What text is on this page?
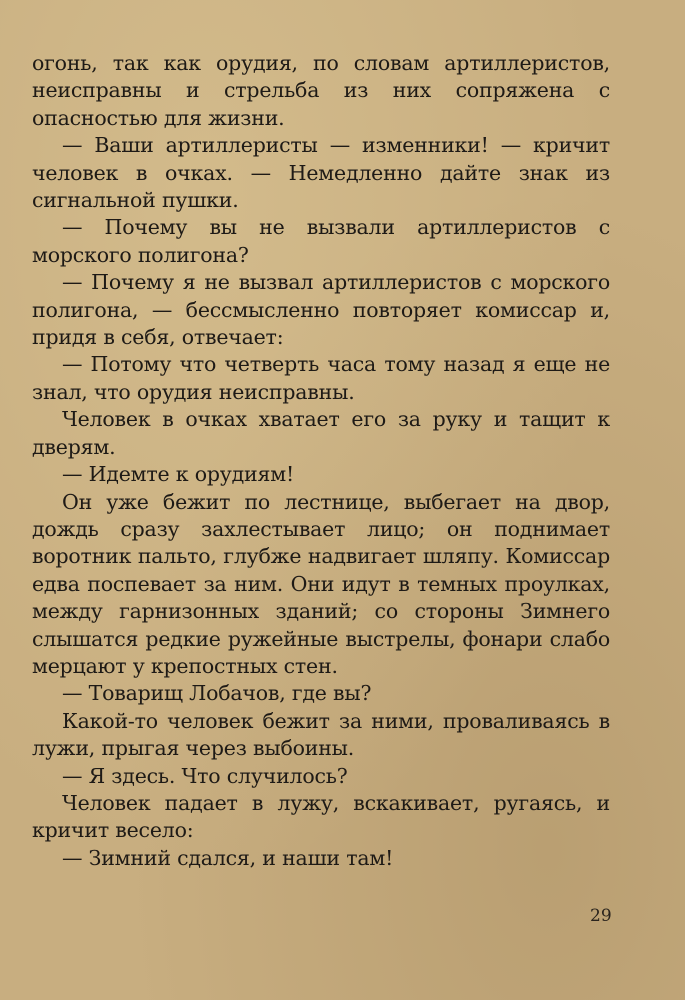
огонь, так как орудия, по словам артиллеристов, неисправны и стрельба из них сопряжена с опасностью для жизни.

— Ваши артиллеристы — изменники! — кричит человек в очках. — Немедленно дайте знак из сигнальной пушки.

— Почему вы не вызвали артиллеристов с морского полигона?

— Почему я не вызвал артиллеристов с морского полигона, — бессмысленно повторяет комиссар и, придя в себя, отвечает:

— Потому что четверть часа тому назад я еще не знал, что орудия неисправны.

Человек в очках хватает его за руку и тащит к дверям.

— Идемте к орудиям!

Он уже бежит по лестнице, выбегает на двор, дождь сразу захлестывает лицо; он поднимает воротник пальто, глубже надвигает шляпу. Комиссар едва поспевает за ним. Они идут в темных проулках, между гарнизонных зданий; со стороны Зимнего слышатся редкие ружейные выстрелы, фонари слабо мерцают у крепостных стен.

— Товарищ Лобачов, где вы?

Какой-то человек бежит за ними, проваливаясь в лужи, прыгая через выбоины.

— Я здесь. Что случилось?

Человек падает в лужу, вскакивает, ругаясь, и кричит весело:

— Зимний сдался, и наши там!

29
